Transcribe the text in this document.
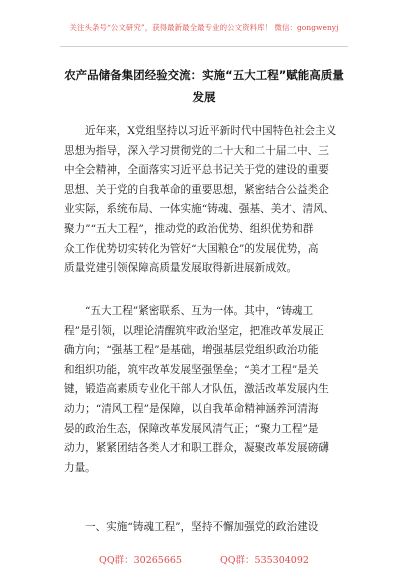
关注头条号“公文研究”，获得最新最全最专业的公文资料库！ 微信：gongwenyj
农产品储备集团经验交流：实施“五大工程”赋能高质量
发展
近年来，X党组坚持以习近平新时代中国特色社会主义
思想为指导，深入学习贯彻党的二十大和二十届二中、三
中全会精神，全面落实习近平总书记关于党的建设的重要
思想、关于党的自我革命的重要思想，紧密结合公益类企
业实际，系统布局、一体实施“铸魂、强基、美才、清风、
聚力”“五大工程”，推动党的政治优势、组织优势和群
众工作优势切实转化为管好“大国粮仓”的发展优势，高
质量党建引领保障高质量发展取得新进展新成效。
“五大工程”紧密联系、互为一体。其中，“铸魂工
程”是引领，以理论清醒筑牢政治坚定，把准改革发展正
确方向；“强基工程”是基础，增强基层党组织政治功能
和组织功能，筑牢改革发展坚强堡垒；“美才工程”是关
键，锻造高素质专业化干部人才队伍，激活改革发展内生
动力；“清风工程”是保障，以自我革命精神涵养河清海
晏的政治生态，保障改革发展风清气正；“聚力工程”是
动力，紧紧团结各类人才和职工群众，凝聚改革发展磅礴
力量。
一、实施“铸魂工程”，坚持不懈加强党的政治建设
QQ群：30265665	QQ群：535304092
